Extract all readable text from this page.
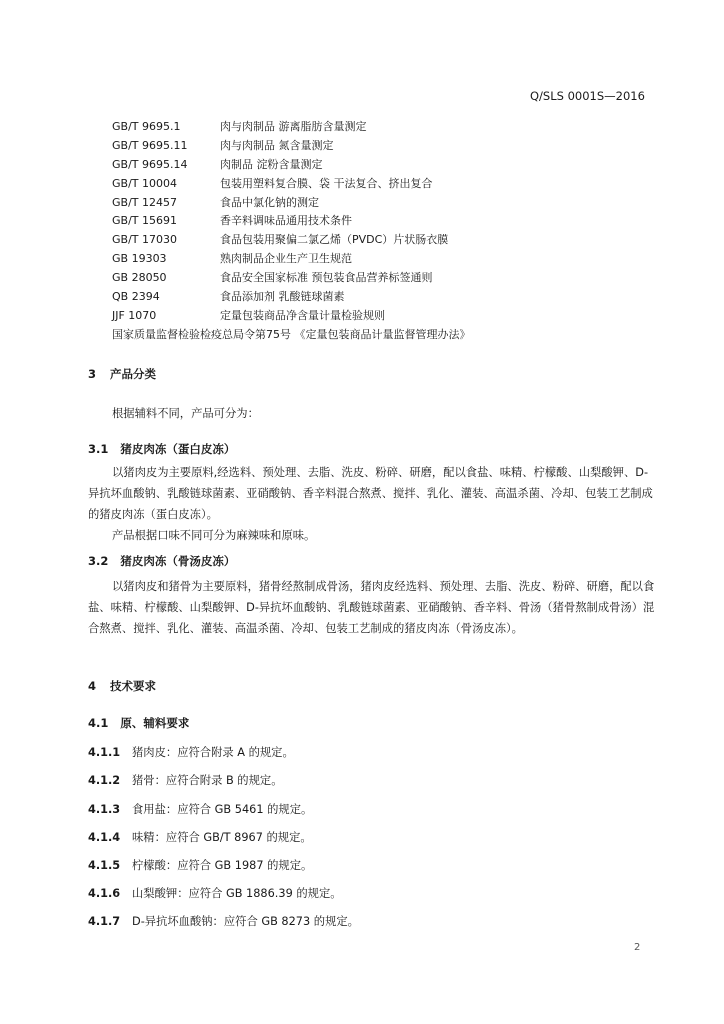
Q/SLS 0001S—2016
GB/T 9695.1	肉与肉制品 游离脂肪含量测定
GB/T 9695.11	肉与肉制品 氮含量测定
GB/T 9695.14	肉制品 淀粉含量测定
GB/T 10004	包装用塑料复合膜、袋 干法复合、挤出复合
GB/T 12457	食品中氯化钠的测定
GB/T 15691	香辛料调味品通用技术条件
GB/T 17030	食品包装用聚偏二氯乙烯（PVDC）片状肠衣膜
GB 19303	熟肉制品企业生产卫生规范
GB 28050	食品安全国家标准 预包装食品营养标签通则
QB 2394	食品添加剂 乳酸链球菌素
JJF 1070	定量包装商品净含量计量检验规则
国家质量监督检验检疫总局令第75号 《定量包装商品计量监督管理办法》
3 产品分类
根据辅料不同，产品可分为：
3.1 猪皮肉冻（蛋白皮冻）

以猪肉皮为主要原料,经选料、预处理、去脂、洗皮、粉碎、研磨，配以食盐、味精、柠檬酸、山梨酸钾、D-异抗坏血酸钠、乳酸链球菌素、亚硝酸钠、香辛料混合熬煮、搅拌、乳化、灌装、高温杀菌、冷却、包装工艺制成的猪皮肉冻（蛋白皮冻）。

产品根据口味不同可分为麻辣味和原味。

3.2 猪皮肉冻（骨汤皮冻）

以猪肉皮和猪骨为主要原料，猪骨经熬制成骨汤，猪肉皮经选料、预处理、去脂、洗皮、粉碎、研磨，配以食盐、味精、柠檬酸、山梨酸钾、D-异抗坏血酸钠、乳酸链球菌素、亚硝酸钠、香辛料、骨汤（猪骨熬制成骨汤）混合熬煮、搅拌、乳化、灌装、高温杀菌、冷却、包装工艺制成的猪皮肉冻（骨汤皮冻）。

4 技术要求
4.1 原、辅料要求
4.1.1 猪肉皮：应符合附录 A 的规定。
4.1.2 猪骨：应符合附录 B 的规定。
4.1.3 食用盐：应符合 GB 5461 的规定。
4.1.4 味精：应符合 GB/T 8967 的规定。
4.1.5 柠檬酸：应符合 GB 1987 的规定。
4.1.6 山梨酸钾：应符合 GB 1886.39 的规定。
4.1.7 D-异抗坏血酸钠：应符合 GB 8273 的规定。
2
